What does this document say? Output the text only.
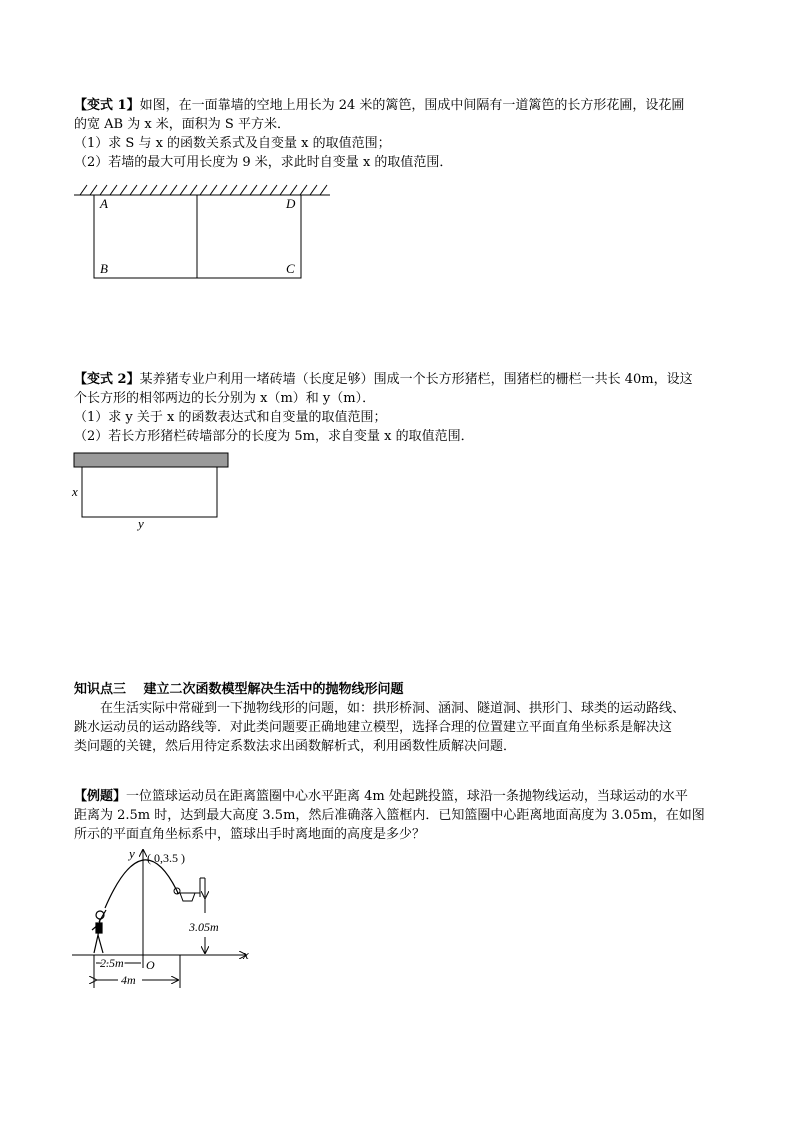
【变式 1】如图，在一面靠墙的空地上用长为 24 米的篱笆，围成中间隔有一道篱笆的长方形花圃，设花圃
的宽 AB 为 x 米，面积为 S 平方米．
（1）求 S 与 x 的函数关系式及自变量 x 的取值范围；
（2）若墙的最大可用长度为 9 米，求此时自变量 x 的取值范围．
A	D
B	C
【变式 2】某养猪专业户利用一堵砖墙（长度足够）围成一个长方形猪栏，围猪栏的栅栏一共长 40m，设这
个长方形的相邻两边的长分别为 x（m）和 y（m）．
（1）求 y 关于 x 的函数表达式和自变量的取值范围；
（2）若长方形猪栏砖墙部分的长度为 5m，求自变量 x 的取值范围．
x
y
知识点三　 建立二次函数模型解决生活中的抛物线形问题
在生活实际中常碰到一下抛物线形的问题，如：拱形桥洞、涵洞、隧道洞、拱形门、球类的运动路线、
跳水运动员的运动路线等．对此类问题要正确地建立模型，选择合理的位置建立平面直角坐标系是解决这
类问题的关键，然后用待定系数法求出函数解析式，利用函数性质解决问题．
【例题】一位篮球运动员在距离篮圈中心水平距离 4m 处起跳投篮，球沿一条抛物线运动，当球运动的水平
距离为 2.5m 时，达到最大高度 3.5m，然后准确落入篮框内．已知篮圈中心距离地面高度为 3.05m，在如图
所示的平面直角坐标系中，篮球出手时离地面的高度是多少？
x
y
O
( 0,3.5 )
3.05m
2.5m
4m
